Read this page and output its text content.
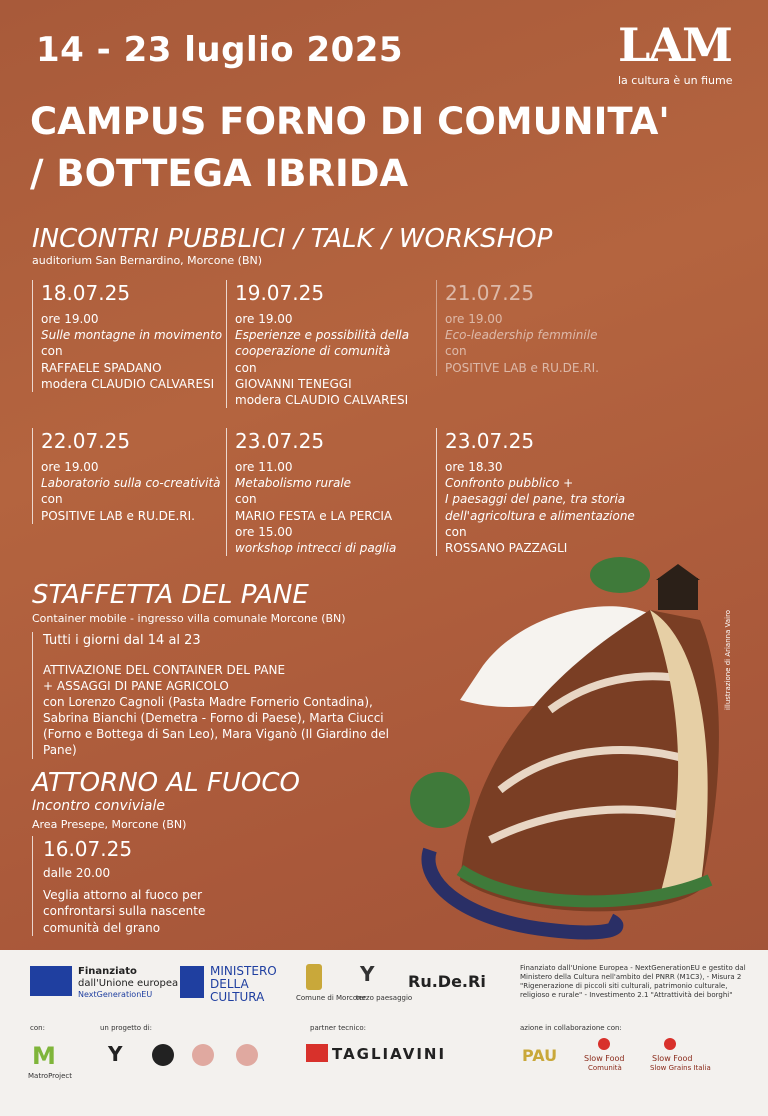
14 - 23 luglio 2025
CAMPUS FORNO DI COMUNITA'
/ BOTTEGA IBRIDA
LAM
la cultura è un fiume
INCONTRI PUBBLICI / TALK / WORKSHOP
auditorium San Bernardino, Morcone (BN)
18.07.25
ore 19.00
Sulle montagne in movimento
con
RAFFAELE SPADANO
modera CLAUDIO CALVARESI
19.07.25
ore 19.00
Esperienze e possibilità della cooperazione di comunità
con
GIOVANNI TENEGGI
modera CLAUDIO CALVARESI
21.07.25
ore 19.00
Eco-leadership femminile
con
POSITIVE LAB e RU.DE.RI.
22.07.25
ore 19.00
Laboratorio sulla co-creatività
con
POSITIVE LAB e RU.DE.RI.
23.07.25
ore 11.00
Metabolismo rurale
con
MARIO FESTA e LA PERCIA
ore 15.00
workshop intrecci di paglia
23.07.25
ore 18.30
Confronto pubblico +
I paesaggi del pane, tra storia dell'agricoltura e alimentazione
con
ROSSANO PAZZAGLI
STAFFETTA DEL PANE
Container mobile - ingresso villa comunale Morcone (BN)
Tutti i giorni dal 14 al 23
ATTIVAZIONE DEL CONTAINER DEL PANE
+ ASSAGGI DI PANE AGRICOLO
con Lorenzo Cagnoli (Pasta Madre Fornerio Contadina), Sabrina Bianchi (Demetra - Forno di Paese), Marta Ciucci (Forno e Bottega di San Leo), Mara Viganò (Il Giardino del Pane)
ATTORNO AL FUOCO
Incontro conviviale
Area Presepe, Morcone (BN)
16.07.25
dalle 20.00
Veglia attorno al fuoco per confrontarsi sulla nascente comunità del grano
illustrazione di Arianna Vairo
Finanziato
dall'Unione europea
NextGenerationEU
MINISTERO
DELLA
CULTURA	Comune di Morcone
Y
terzo paesaggio
Ru.De.Ri
Finanziato dall'Unione Europea - NextGenerationEU e gestito dal Ministero della Cultura nell'ambito del PNRR (M1C3), - Misura 2 "Rigenerazione di piccoli siti culturali, patrimonio culturale, religioso e rurale" - Investimento 2.1 "Attrattività dei borghi"
con:	un progetto di:	partner tecnico:	azione in collaborazione con:
M
MatroProject
Y	TAGLIAVINI	PAU	Slow Food
Comunità
Slow Food
Slow Grains Italia
